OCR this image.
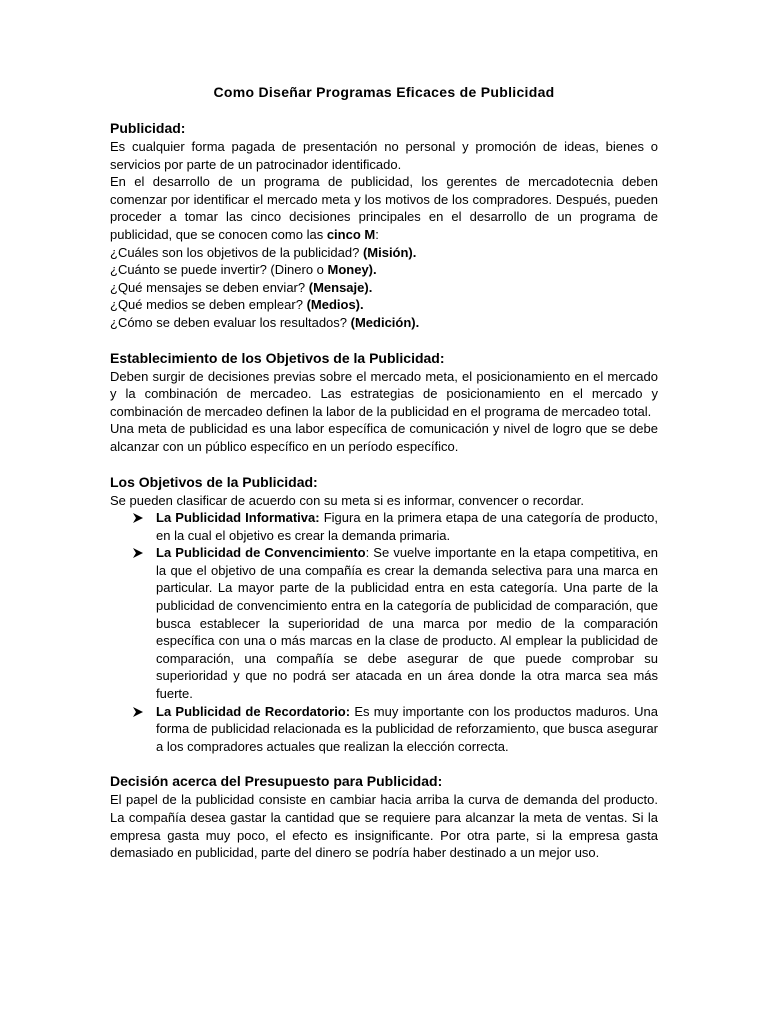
Como Diseñar Programas Eficaces de Publicidad
Publicidad:

Es cualquier forma pagada de presentación no personal y promoción de ideas, bienes o servicios por parte de un patrocinador identificado.

En el desarrollo de un programa de publicidad, los gerentes de mercadotecnia deben comenzar por identificar el mercado meta y los motivos de los compradores. Después, pueden proceder a tomar las cinco decisiones principales en el desarrollo de un programa de publicidad, que se conocen como las cinco M:

¿Cuáles son los objetivos de la publicidad? (Misión).

¿Cuánto se puede invertir? (Dinero o Money).

¿Qué mensajes se deben enviar? (Mensaje).

¿Qué medios se deben emplear? (Medios).

¿Cómo se deben evaluar los resultados? (Medición).

Establecimiento de los Objetivos de la Publicidad:

Deben surgir de decisiones previas sobre el mercado meta, el posicionamiento en el mercado y la combinación de mercadeo. Las estrategias de posicionamiento en el mercado y combinación de mercadeo definen la labor de la publicidad en el programa de mercadeo total.

Una meta de publicidad es una labor específica de comunicación y nivel de logro que se debe alcanzar con un público específico en un período específico.

Los Objetivos de la Publicidad:

Se pueden clasificar de acuerdo con su meta si es informar, convencer o recordar.

La Publicidad Informativa: Figura en la primera etapa de una categoría de producto, en la cual el objetivo es crear la demanda primaria.
La Publicidad de Convencimiento: Se vuelve importante en la etapa competitiva, en la que el objetivo de una compañía es crear la demanda selectiva para una marca en particular. La mayor parte de la publicidad entra en esta categoría. Una parte de la publicidad de convencimiento entra en la categoría de publicidad de comparación, que busca establecer la superioridad de una marca por medio de la comparación específica con una o más marcas en la clase de producto. Al emplear la publicidad de comparación, una compañía se debe asegurar de que puede comprobar su superioridad y que no podrá ser atacada en un área donde la otra marca sea más fuerte.
La Publicidad de Recordatorio: Es muy importante con los productos maduros. Una forma de publicidad relacionada es la publicidad de reforzamiento, que busca asegurar a los compradores actuales que realizan la elección correcta.
Decisión acerca del Presupuesto para Publicidad:

El papel de la publicidad consiste en cambiar hacia arriba la curva de demanda del producto. La compañía desea gastar la cantidad que se requiere para alcanzar la meta de ventas. Si la empresa gasta muy poco, el efecto es insignificante. Por otra parte, si la empresa gasta demasiado en publicidad, parte del dinero se podría haber destinado a un mejor uso.
